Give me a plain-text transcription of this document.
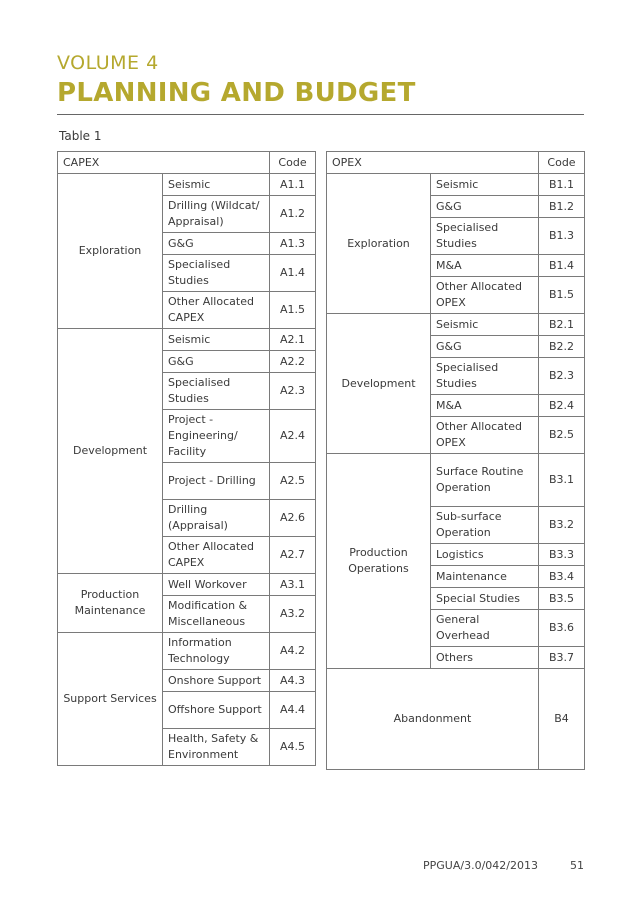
VOLUME 4
PLANNING AND BUDGET
Table 1
CAPEX		Code
Exploration	Seismic	A1.1
	Drilling (Wildcat/ Appraisal)	A1.2
	G&G	A1.3
	Specialised Studies	A1.4
	Other Allocated CAPEX	A1.5
Development	Seismic	A2.1
	G&G	A2.2
	Specialised Studies	A2.3
	Project - Engineering/ Facility	A2.4
	Project - Drilling	A2.5
	Drilling (Appraisal)	A2.6
	Other Allocated CAPEX	A2.7
Production Maintenance	Well Workover	A3.1
	Modification & Miscellaneous	A3.2
Support Services	Information Technology	A4.2
	Onshore Support	A4.3
	Offshore Support	A4.4
	Health, Safety & Environment	A4.5
OPEX		Code
Exploration	Seismic	B1.1
	G&G	B1.2
	Specialised Studies	B1.3
	M&A	B1.4
	Other Allocated OPEX	B1.5
Development	Seismic	B2.1
	G&G	B2.2
	Specialised Studies	B2.3
	M&A	B2.4
	Other Allocated OPEX	B2.5
Production Operations	Surface Routine Operation	B3.1
	Sub-surface Operation	B3.2
	Logistics	B3.3
	Maintenance	B3.4
	Special Studies	B3.5
	General Overhead	B3.6
	Others	B3.7
Abandonment		B4
PPGUA/3.0/042/2013	51
